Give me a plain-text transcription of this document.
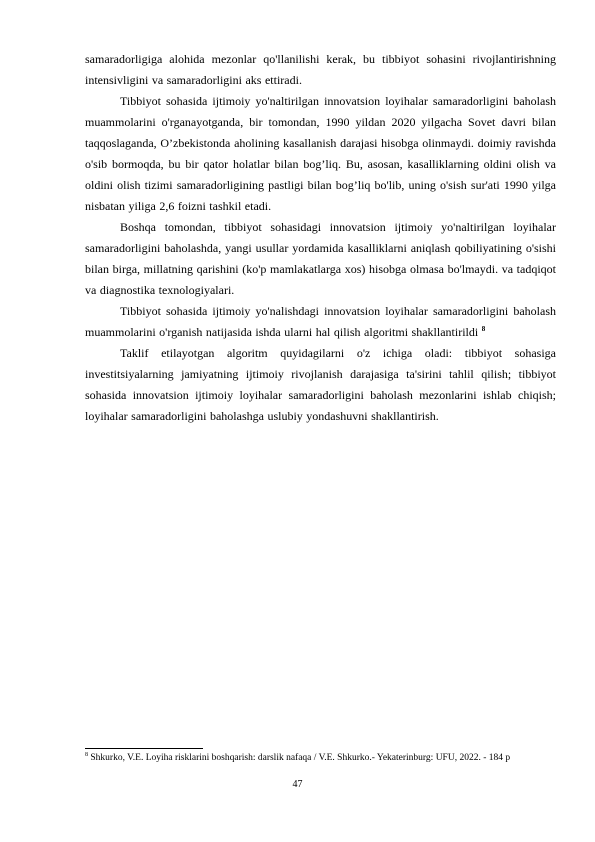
samaradorligiga alohida mezonlar qo'llanilishi kerak, bu tibbiyot sohasini rivojlantirishning intensivligini va samaradorligini aks ettiradi.

Tibbiyot sohasida ijtimoiy yo'naltirilgan innovatsion loyihalar samaradorligini baholash muammolarini o'rganayotganda, bir tomondan, 1990 yildan 2020 yilgacha Sovet davri bilan taqqoslaganda, O’zbekistonda aholining kasallanish darajasi hisobga olinmaydi. doimiy ravishda o'sib bormoqda, bu bir qator holatlar bilan bog’liq. Bu, asosan, kasalliklarning oldini olish va oldini olish tizimi samaradorligining pastligi bilan bog’liq bo'lib, uning o'sish sur'ati 1990 yilga nisbatan yiliga 2,6 foizni tashkil etadi.

Boshqa tomondan, tibbiyot sohasidagi innovatsion ijtimoiy yo'naltirilgan loyihalar samaradorligini baholashda, yangi usullar yordamida kasalliklarni aniqlash qobiliyatining o'sishi bilan birga, millatning qarishini (ko'p mamlakatlarga xos) hisobga olmasa bo'lmaydi. va tadqiqot va diagnostika texnologiyalari.

Tibbiyot sohasida ijtimoiy yo'nalishdagi innovatsion loyihalar samaradorligini baholash muammolarini o'rganish natijasida ishda ularni hal qilish algoritmi shakllantirildi $^8$

Taklif etilayotgan algoritm quyidagilarni o'z ichiga oladi: tibbiyot sohasiga investitsiyalarning jamiyatning ijtimoiy rivojlanish darajasiga ta'sirini tahlil qilish; tibbiyot sohasida innovatsion ijtimoiy loyihalar samaradorligini baholash mezonlarini ishlab chiqish; loyihalar samaradorligini baholashga uslubiy yondashuvni shakllantirish.

$^8$ Shkurko, V.E. Loyiha risklarini boshqarish: darslik nafaqa / V.E. Shkurko.- Yekaterinburg: UFU, 2022. - 184 p

47
